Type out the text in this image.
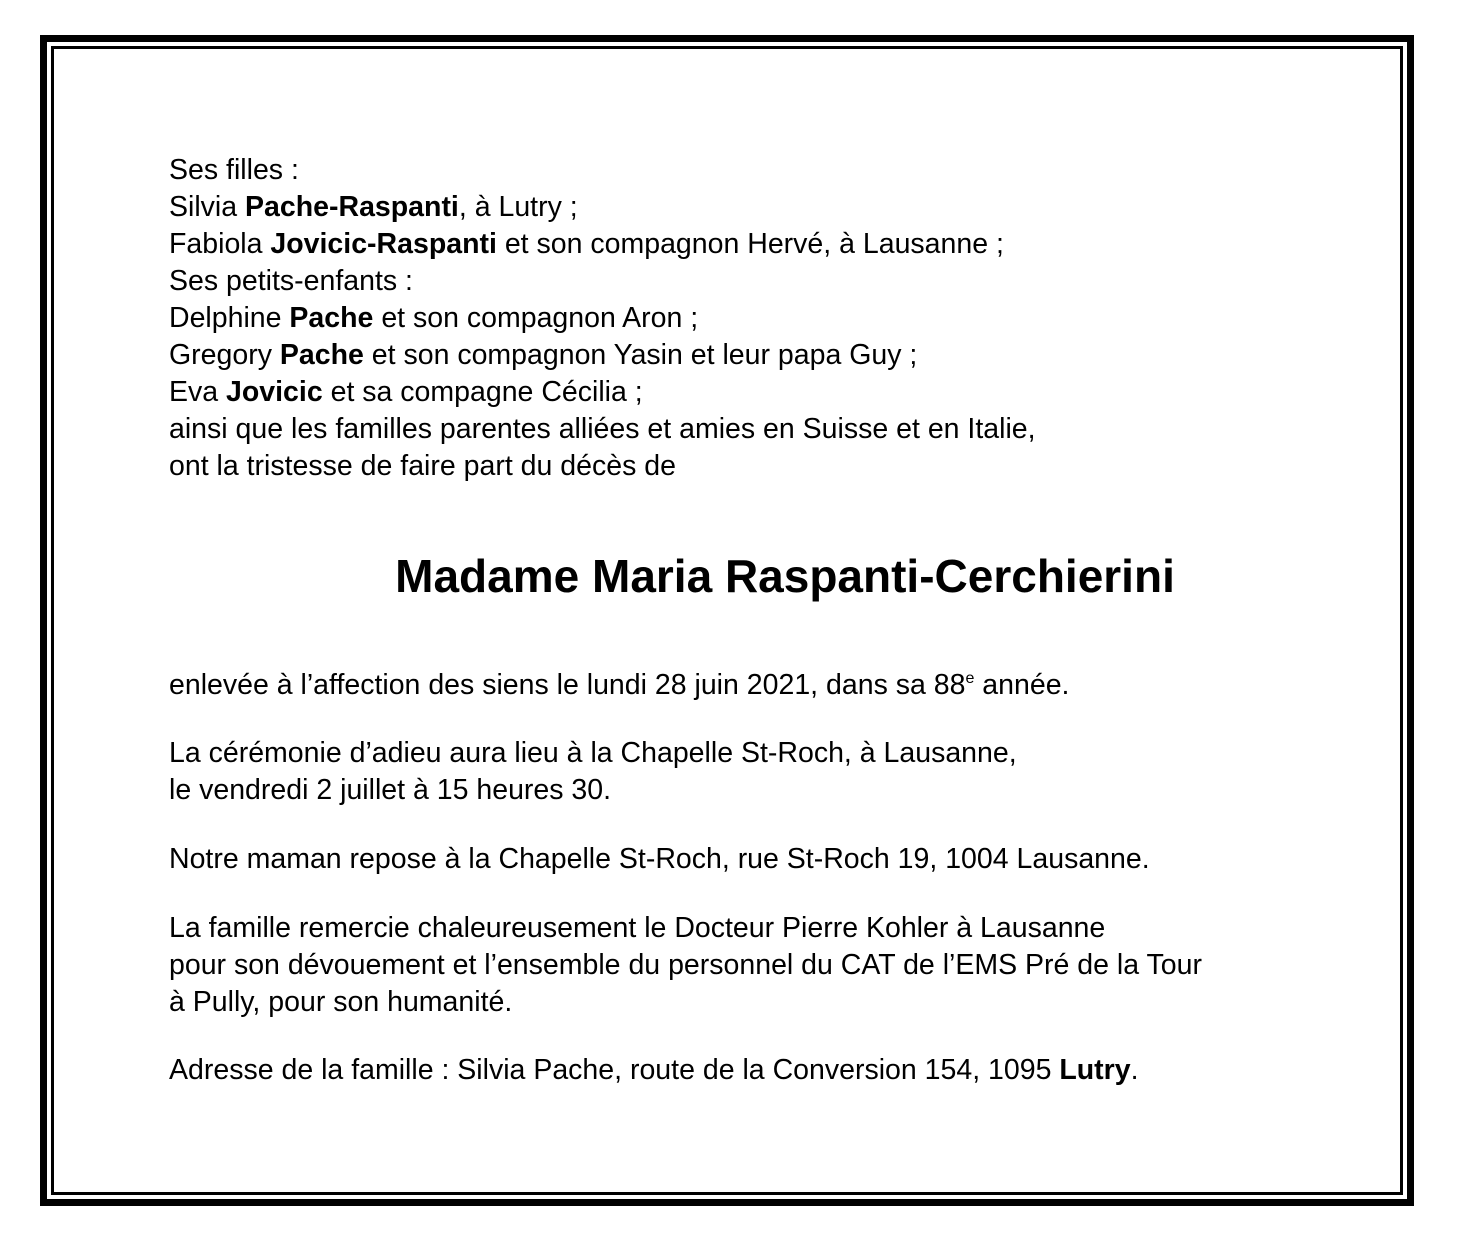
Ses filles :
Silvia Pache-Raspanti, à Lutry ;
Fabiola Jovicic-Raspanti et son compagnon Hervé, à Lausanne ;
Ses petits-enfants :
Delphine Pache et son compagnon Aron ;
Gregory Pache et son compagnon Yasin et leur papa Guy ;
Eva Jovicic et sa compagne Cécilia ;
ainsi que les familles parentes alliées et amies en Suisse et en Italie,
ont la tristesse de faire part du décès de
Madame Maria Raspanti-Cerchierini
enlevée à l’affection des siens le lundi 28 juin 2021, dans sa 88e année.
La cérémonie d’adieu aura lieu à la Chapelle St-Roch, à Lausanne,
le vendredi 2 juillet à 15 heures 30.
Notre maman repose à la Chapelle St-Roch, rue St-Roch 19, 1004 Lausanne.
La famille remercie chaleureusement le Docteur Pierre Kohler à Lausanne
pour son dévouement et l’ensemble du personnel du CAT de l’EMS Pré de la Tour
à Pully, pour son humanité.
Adresse de la famille : Silvia Pache, route de la Conversion 154, 1095 Lutry.
